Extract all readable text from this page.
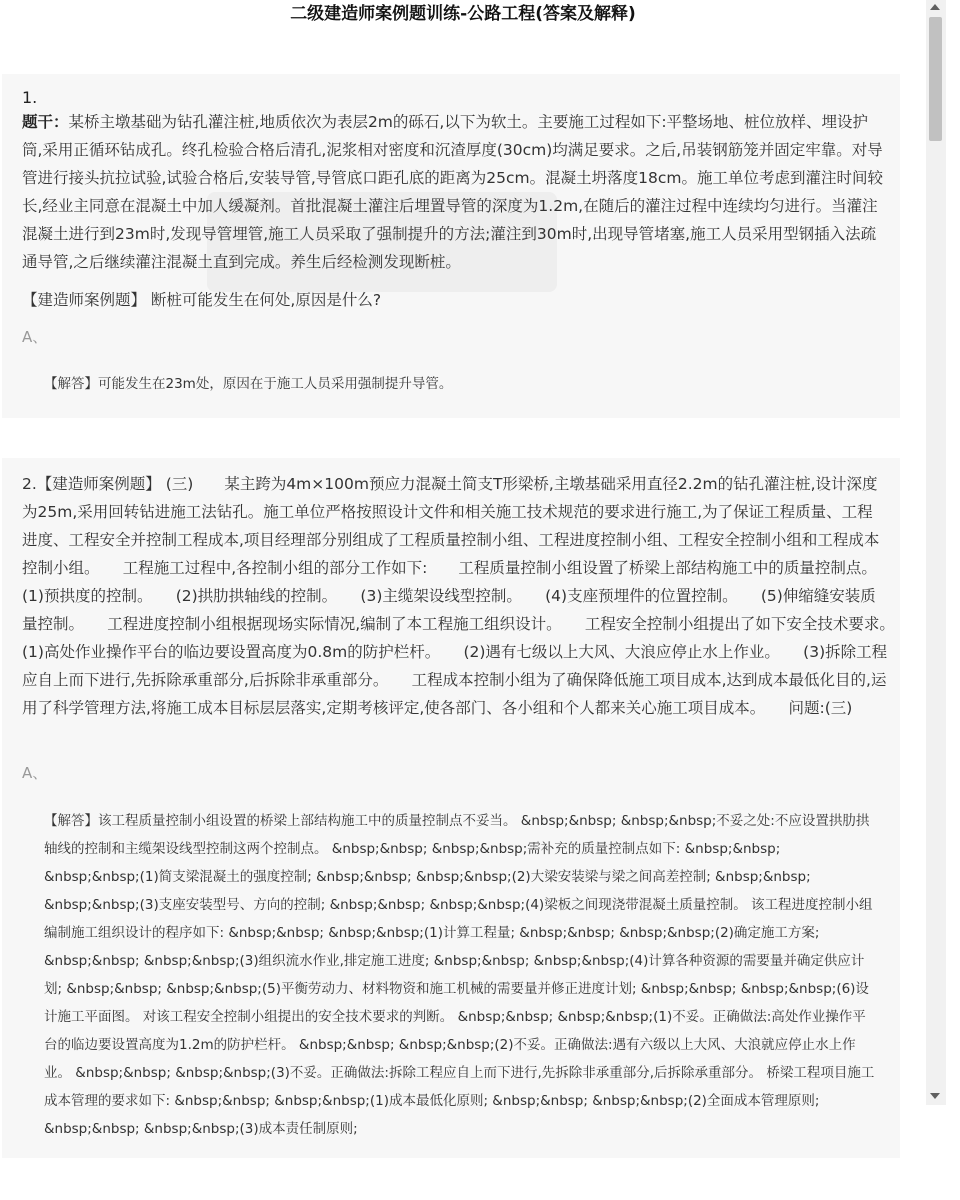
二级建造师案例题训练-公路工程(答案及解释)
1.
题干：某桥主墩基础为钻孔灌注桩,地质依次为表层2m的砾石,以下为软土。主要施工过程如下:平整场地、桩位放样、埋设护筒,采用正循环钻成孔。终孔检验合格后清孔,泥浆相对密度和沉渣厚度(30cm)均满足要求。之后,吊装钢筋笼并固定牢靠。对导管进行接头抗拉试验,试验合格后,安装导管,导管底口距孔底的距离为25cm。混凝土坍落度18cm。施工单位考虑到灌注时间较长,经业主同意在混凝土中加人缓凝剂。首批混凝土灌注后埋置导管的深度为1.2m,在随后的灌注过程中连续均匀进行。当灌注混凝土进行到23m时,发现导管埋管,施工人员采取了强制提升的方法;灌注到30m时,出现导管堵塞,施工人员采用型钢插入法疏通导管,之后继续灌注混凝土直到完成。养生后经检测发现断桩。
【建造师案例题】 断桩可能发生在何处,原因是什么?
A、
【解答】可能发生在23m处，原因在于施工人员采用强制提升导管。
2.【建造师案例题】 (三)　　某主跨为4m×100m预应力混凝土简支T形梁桥,主墩基础采用直径2.2m的钻孔灌注桩,设计深度为25m,采用回转钻进施工法钻孔。施工单位严格按照设计文件和相关施工技术规范的要求进行施工,为了保证工程质量、工程进度、工程安全并控制工程成本,项目经理部分别组成了工程质量控制小组、工程进度控制小组、工程安全控制小组和工程成本控制小组。　　工程施工过程中,各控制小组的部分工作如下:　　工程质量控制小组设置了桥梁上部结构施工中的质量控制点。　　(1)预拱度的控制。　　(2)拱肋拱轴线的控制。　　(3)主缆架设线型控制。　　(4)支座预埋件的位置控制。　　(5)伸缩缝安装质量控制。　　工程进度控制小组根据现场实际情况,编制了本工程施工组织设计。　　工程安全控制小组提出了如下安全技术要求。　　(1)高处作业操作平台的临边要设置高度为0.8m的防护栏杆。　　(2)遇有七级以上大风、大浪应停止水上作业。　　(3)拆除工程应自上而下进行,先拆除承重部分,后拆除非承重部分。　　工程成本控制小组为了确保降低施工项目成本,达到成本最低化目的,运用了科学管理方法,将施工成本目标层层落实,定期考核评定,使各部门、各小组和个人都来关心施工项目成本。　　问题:(三)
A、
【解答】该工程质量控制小组设置的桥梁上部结构施工中的质量控制点不妥当。 &nbsp;&nbsp; &nbsp;&nbsp;不妥之处:不应设置拱肋拱轴线的控制和主缆架设线型控制这两个控制点。 &nbsp;&nbsp; &nbsp;&nbsp;需补充的质量控制点如下: &nbsp;&nbsp; &nbsp;&nbsp;(1)简支梁混凝土的强度控制; &nbsp;&nbsp; &nbsp;&nbsp;(2)大梁安装梁与梁之间高差控制; &nbsp;&nbsp; &nbsp;&nbsp;(3)支座安装型号、方向的控制; &nbsp;&nbsp; &nbsp;&nbsp;(4)梁板之间现浇带混凝土质量控制。 该工程进度控制小组编制施工组织设计的程序如下: &nbsp;&nbsp; &nbsp;&nbsp;(1)计算工程量; &nbsp;&nbsp; &nbsp;&nbsp;(2)确定施工方案; &nbsp;&nbsp; &nbsp;&nbsp;(3)组织流水作业,排定施工进度; &nbsp;&nbsp; &nbsp;&nbsp;(4)计算各种资源的需要量并确定供应计划; &nbsp;&nbsp; &nbsp;&nbsp;(5)平衡劳动力、材料物资和施工机械的需要量并修正进度计划; &nbsp;&nbsp; &nbsp;&nbsp;(6)设计施工平面图。 对该工程安全控制小组提出的安全技术要求的判断。 &nbsp;&nbsp; &nbsp;&nbsp;(1)不妥。正确做法:高处作业操作平台的临边要设置高度为1.2m的防护栏杆。 &nbsp;&nbsp; &nbsp;&nbsp;(2)不妥。正确做法:遇有六级以上大风、大浪就应停止水上作业。 &nbsp;&nbsp; &nbsp;&nbsp;(3)不妥。正确做法:拆除工程应自上而下进行,先拆除非承重部分,后拆除承重部分。 桥梁工程项目施工成本管理的要求如下: &nbsp;&nbsp; &nbsp;&nbsp;(1)成本最低化原则; &nbsp;&nbsp; &nbsp;&nbsp;(2)全面成本管理原则; &nbsp;&nbsp; &nbsp;&nbsp;(3)成本责任制原则;
